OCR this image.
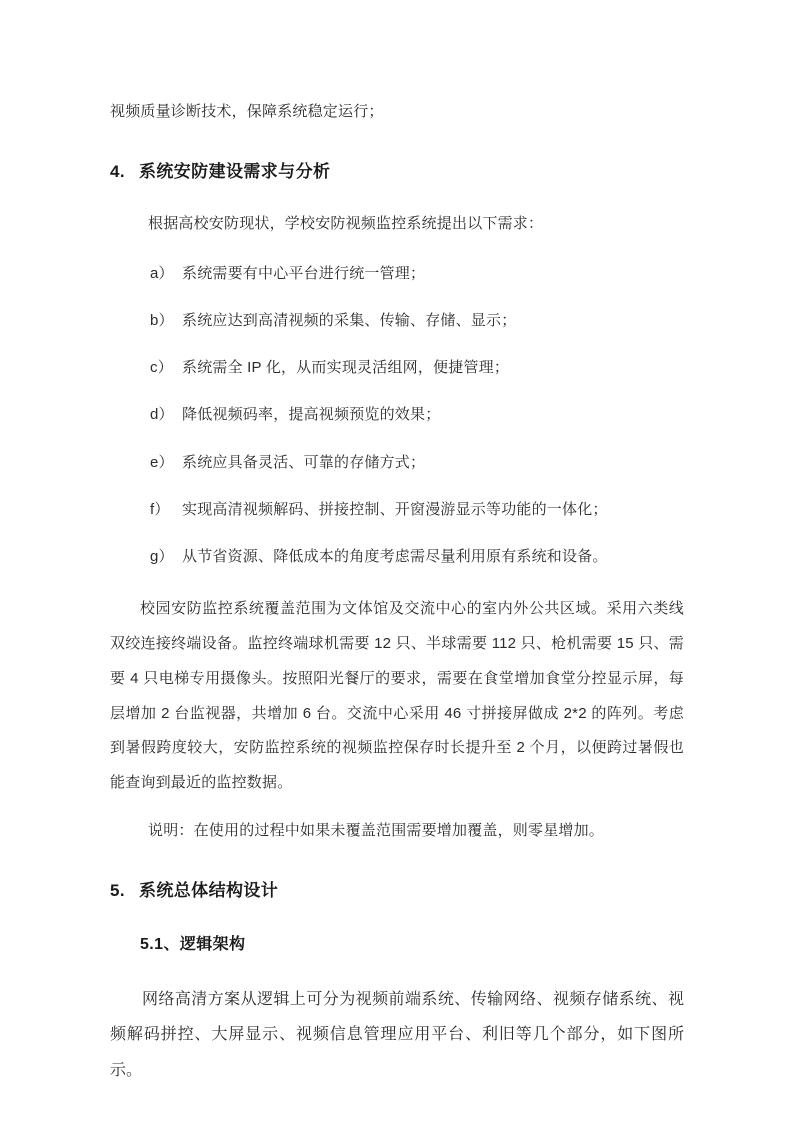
视频质量诊断技术，保障系统稳定运行；

4. 系统安防建设需求与分析

根据高校安防现状，学校安防视频监控系统提出以下需求：

a） 系统需要有中心平台进行统一管理；
b） 系统应达到高清视频的采集、传输、存储、显示；
c） 系统需全 IP 化，从而实现灵活组网，便捷管理；
d） 降低视频码率，提高视频预览的效果；
e） 系统应具备灵活、可靠的存储方式；
f） 实现高清视频解码、拼接控制、开窗漫游显示等功能的一体化；
g） 从节省资源、降低成本的角度考虑需尽量利用原有系统和设备。

校园安防监控系统覆盖范围为文体馆及交流中心的室内外公共区域。采用六类线双绞连接终端设备。监控终端球机需要 12 只、半球需要 112 只、枪机需要 15 只、需要 4 只电梯专用摄像头。按照阳光餐厅的要求，需要在食堂增加食堂分控显示屏，每层增加 2 台监视器，共增加 6 台。交流中心采用 46 寸拼接屏做成 2*2 的阵列。考虑到暑假跨度较大，安防监控系统的视频监控保存时长提升至 2 个月，以便跨过暑假也能查询到最近的监控数据。

说明：在使用的过程中如果未覆盖范围需要增加覆盖，则零星增加。

5. 系统总体结构设计
5.1、逻辑架构

网络高清方案从逻辑上可分为视频前端系统、传输网络、视频存储系统、视频解码拼控、大屏显示、视频信息管理应用平台、利旧等几个部分，如下图所示。
